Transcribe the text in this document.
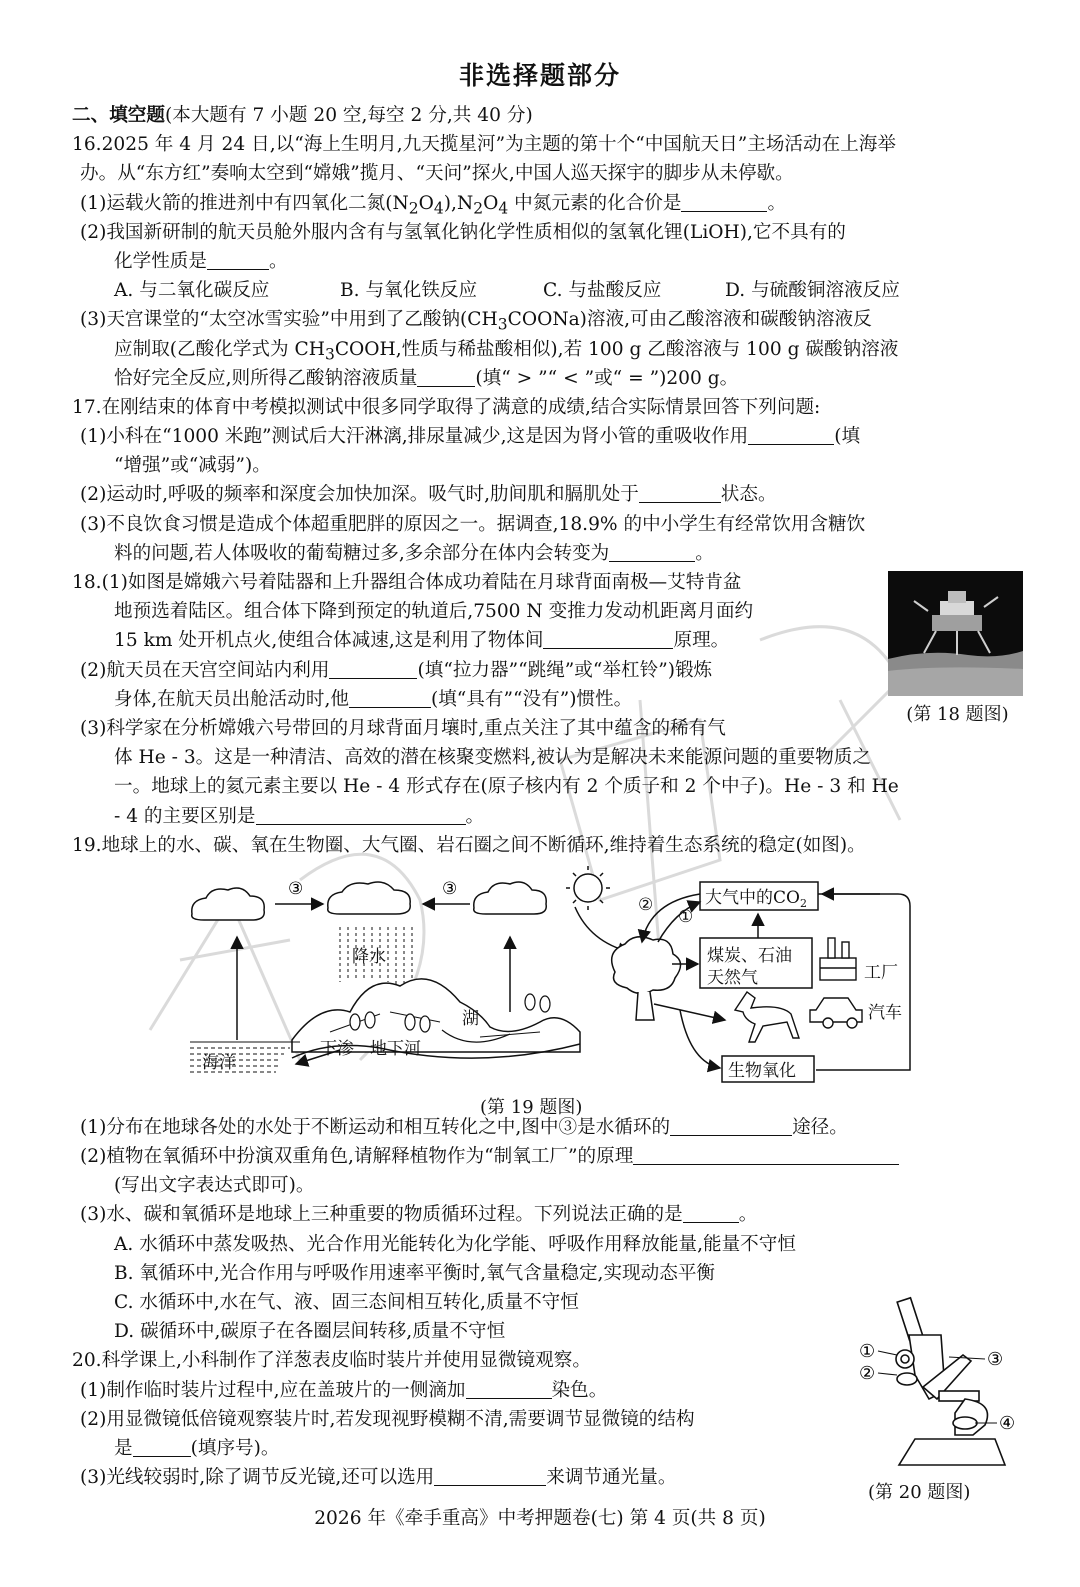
非选择题部分
二、填空题(本大题有 7 小题 20 空,每空 2 分,共 40 分)
16.2025 年 4 月 24 日,以“海上生明月,九天揽星河”为主题的第十个“中国航天日”主场活动在上海举
办。从“东方红”奏响太空到“嫦娥”揽月、“天问”探火,中国人巡天探宇的脚步从未停歇。
(1)运载火箭的推进剂中有四氧化二氮$(N_2O_4),N_2O_4$ 中氮元素的化合价是	。
(2)我国新研制的航天员舱外服内含有与氢氧化钠化学性质相似的氢氧化锂(LiOH),它不具有的
化学性质是	。
A. 与二氧化碳反应	B. 与氧化铁反应	C. 与盐酸反应	D. 与硫酸铜溶液反应
(3)天宫课堂的“太空冰雪实验”中用到了乙酸钠$(CH_3COONa)$溶液,可由乙酸溶液和碳酸钠溶液反
应制取(乙酸化学式为 $CH_3COOH$,性质与稀盐酸相似),若 100 g 乙酸溶液与 100 g 碳酸钠溶液
恰好完全反应,则所得乙酸钠溶液质量	(填“ > ”“ < ”或“ = ”)200 g。
17.在刚结束的体育中考模拟测试中很多同学取得了满意的成绩,结合实际情景回答下列问题:
(1)小科在“1000 米跑”测试后大汗淋漓,排尿量减少,这是因为肾小管的重吸收作用	(填
“增强”或“减弱”)。
(2)运动时,呼吸的频率和深度会加快加深。吸气时,肋间肌和膈肌处于	状态。
(3)不良饮食习惯是造成个体超重肥胖的原因之一。据调查,18.9% 的中小学生有经常饮用含糖饮
料的问题,若人体吸收的葡萄糖过多,多余部分在体内会转变为	。
18.(1)如图是嫦娥六号着陆器和上升器组合体成功着陆在月球背面南极—艾特肯盆
地预选着陆区。组合体下降到预定的轨道后,7500 N 变推力发动机距离月面约
15 km 处开机点火,使组合体减速,这是利用了物体间	原理。
(2)航天员在天宫空间站内利用	(填“拉力器”“跳绳”或“举杠铃”)锻炼
身体,在航天员出舱活动时,他	(填“具有”“没有”)惯性。
(3)科学家在分析嫦娥六号带回的月球背面月壤时,重点关注了其中蕴含的稀有气
体 He - 3。这是一种清洁、高效的潜在核聚变燃料,被认为是解决未来能源问题的重要物质之
一。地球上的氦元素主要以 He - 4 形式存在(原子核内有 2 个质子和 2 个中子)。He - 3 和 He
- 4 的主要区别是	。
19.地球上的水、碳、氧在生物圈、大气圈、岩石圈之间不断循环,维持着生态系统的稳定(如图)。
(1)分布在地球各处的水处于不断运动和相互转化之中,图中③是水循环的	途径。
(2)植物在氧循环中扮演双重角色,请解释植物作为“制氧工厂”的原理
(写出文字表达式即可)。
(3)水、碳和氧循环是地球上三种重要的物质循环过程。下列说法正确的是	。
A. 水循环中蒸发吸热、光合作用光能转化为化学能、呼吸作用释放能量,能量不守恒
B. 氧循环中,光合作用与呼吸作用速率平衡时,氧气含量稳定,实现动态平衡
C. 水循环中,水在气、液、固三态间相互转化,质量不守恒
D. 碳循环中,碳原子在各圈层间转移,质量不守恒
20.科学课上,小科制作了洋葱表皮临时装片并使用显微镜观察。
(1)制作临时装片过程中,应在盖玻片的一侧滴加	染色。
(2)用显微镜低倍镜观察装片时,若发现视野模糊不清,需要调节显微镜的结构
是	(填序号)。
(3)光线较弱时,除了调节反光镜,还可以选用	来调节通光量。
(第 18 题图)
③	③
降水
海洋
湖
下渗 地下河
大气中的$CO_2$
煤炭、石油
天然气
生物氧化
②
①
工厂
汽车
(第 19 题图)
①
②
③
④
(第 20 题图)
2026 年《牵手重高》中考押题卷(七) 第 4 页(共 8 页)
